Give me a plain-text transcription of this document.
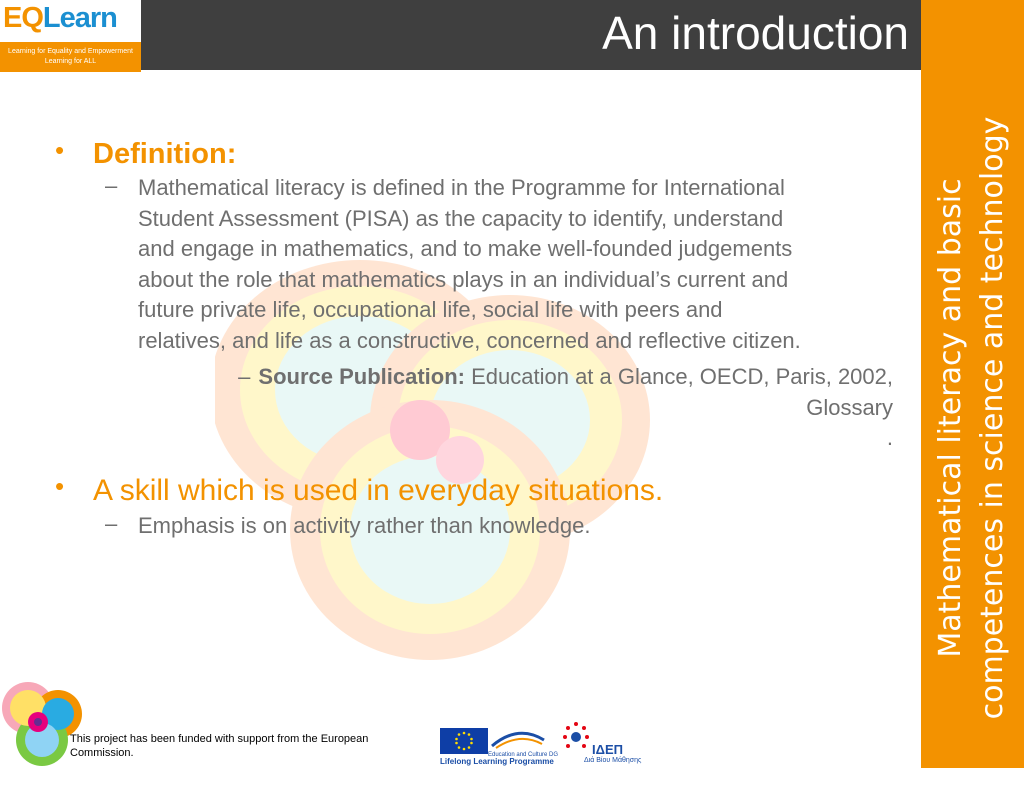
An introduction
EQLearn
Learning for Equality and Empowerment
Learning for ALL
Mathematical literacy and basic competences in science and technology
• Definition:
– Mathematical literacy is defined in the Programme for International Student Assessment (PISA) as the capacity to identify, understand and engage in mathematics, and to make well-founded judgements about the role that mathematics plays in an individual’s current and future private life, occupational life, social life with peers and relatives, and life as a constructive, concerned and reflective citizen.
– Source Publication: Education at a Glance, OECD, Paris, 2002,
Glossary
.
• A skill which is used in everyday situations.
– Emphasis is on activity rather than knowledge.
This project has been funded with support from the European Commission.	Education and Culture DG
Lifelong Learning Programme
ΙΔΕΠ
Διά Βίου Μάθησης
